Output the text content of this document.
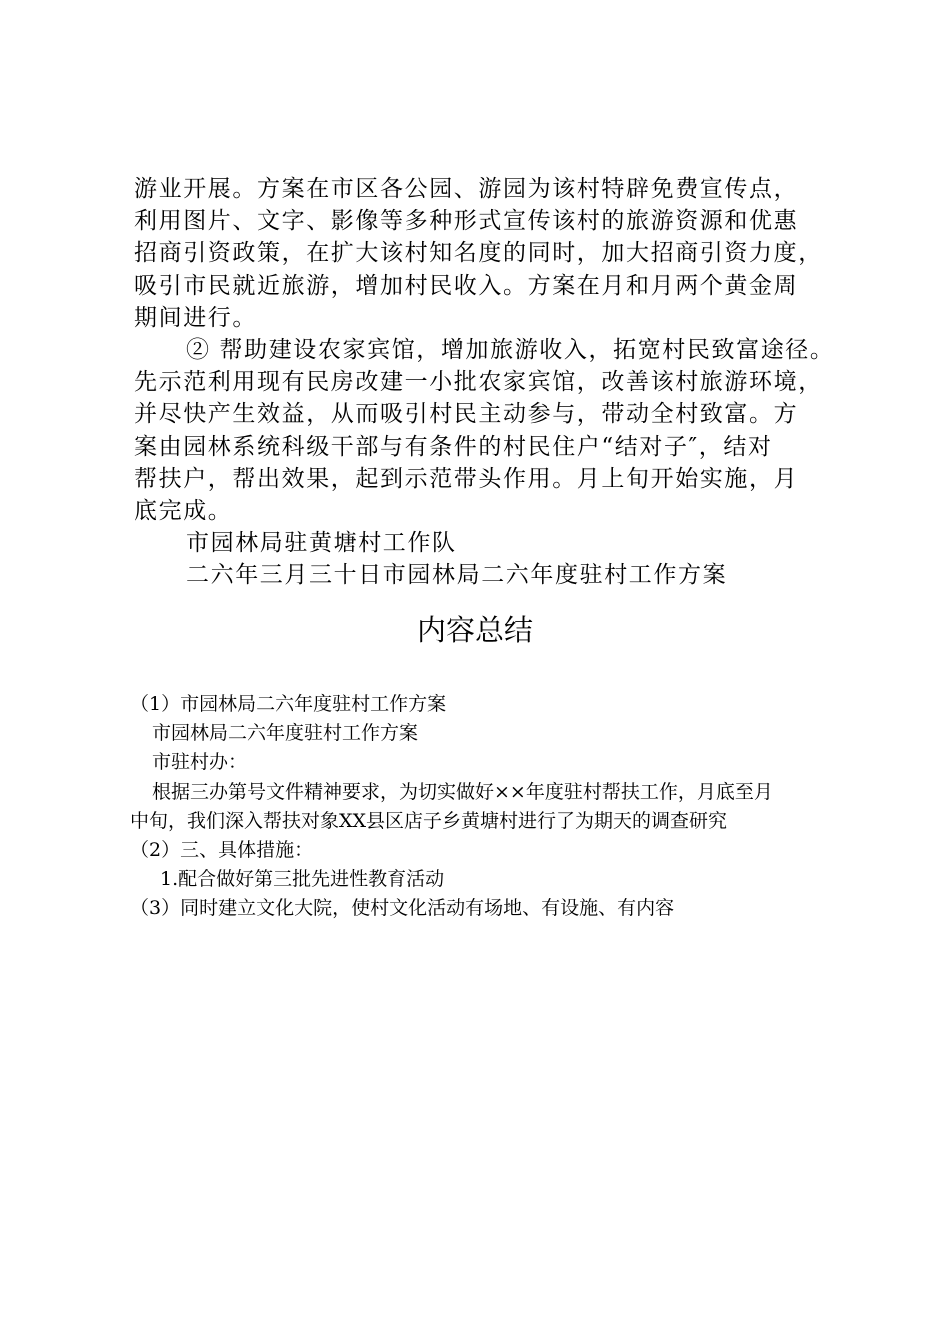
游业开展。方案在市区各公园、游园为该村特辟免费宣传点，
利用图片、文字、影像等多种形式宣传该村的旅游资源和优惠
招商引资政策，在扩大该村知名度的同时，加大招商引资力度，
吸引市民就近旅游，增加村民收入。方案在月和月两个黄金周
期间进行。
② 帮助建设农家宾馆，增加旅游收入，拓宽村民致富途径。
先示范利用现有民房改建一小批农家宾馆，改善该村旅游环境，
并尽快产生效益，从而吸引村民主动参与，带动全村致富。方
案由园林系统科级干部与有条件的村民住户“结对子″，结对
帮扶户，帮出效果，起到示范带头作用。月上旬开始实施，月
底完成。
市园林局驻黄塘村工作队
二六年三月三十日市园林局二六年度驻村工作方案
内容总结
（1）市园林局二六年度驻村工作方案
市园林局二六年度驻村工作方案
市驻村办：
根据三办第号文件精神要求，为切实做好××年度驻村帮扶工作，月底至月
中旬，我们深入帮扶对象XX县区店子乡黄塘村进行了为期天的调查研究
（2）三、具体措施：
1.配合做好第三批先进性教育活动
（3）同时建立文化大院，使村文化活动有场地、有设施、有内容
